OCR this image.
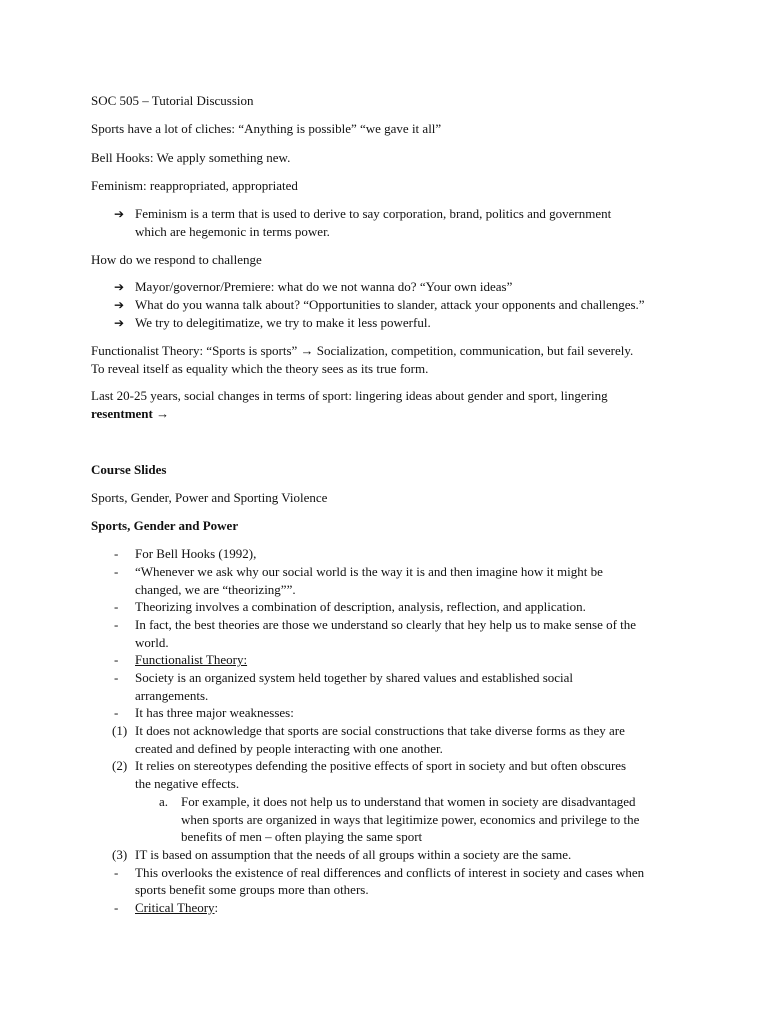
SOC 505 – Tutorial Discussion
Sports have a lot of cliches: “Anything is possible” “we gave it all”
Bell Hooks: We apply something new.
Feminism: reappropriated, appropriated
➔ Feminism is a term that is used to derive to say corporation, brand, politics and government
which are hegemonic in terms power.
How do we respond to challenge
➔ Mayor/governor/Premiere: what do we not wanna do? “Your own ideas”
➔ What do you wanna talk about? “Opportunities to slander, attack your opponents and challenges.”
➔ We try to delegitimatize, we try to make it less powerful.
Functionalist Theory: “Sports is sports” → Socialization, competition, communication, but fail severely.
To reveal itself as equality which the theory sees as its true form.
Last 20-25 years, social changes in terms of sport: lingering ideas about gender and sport, lingering
resentment →
Course Slides
Sports, Gender, Power and Sporting Violence
Sports, Gender and Power
- For Bell Hooks (1992),
- “Whenever we ask why our social world is the way it is and then imagine how it might be
changed, we are “theorizing””.
- Theorizing involves a combination of description, analysis, reflection, and application.
- In fact, the best theories are those we understand so clearly that hey help us to make sense of the
world.
- Functionalist Theory:
- Society is an organized system held together by shared values and established social
arrangements.
- It has three major weaknesses:
(1) It does not acknowledge that sports are social constructions that take diverse forms as they are
created and defined by people interacting with one another.
(2) It relies on stereotypes defending the positive effects of sport in society and but often obscures
the negative effects.
a. For example, it does not help us to understand that women in society are disadvantaged
when sports are organized in ways that legitimize power, economics and privilege to the
benefits of men – often playing the same sport
(3) IT is based on assumption that the needs of all groups within a society are the same.
- This overlooks the existence of real differences and conflicts of interest in society and cases when
sports benefit some groups more than others.
- Critical Theory:
